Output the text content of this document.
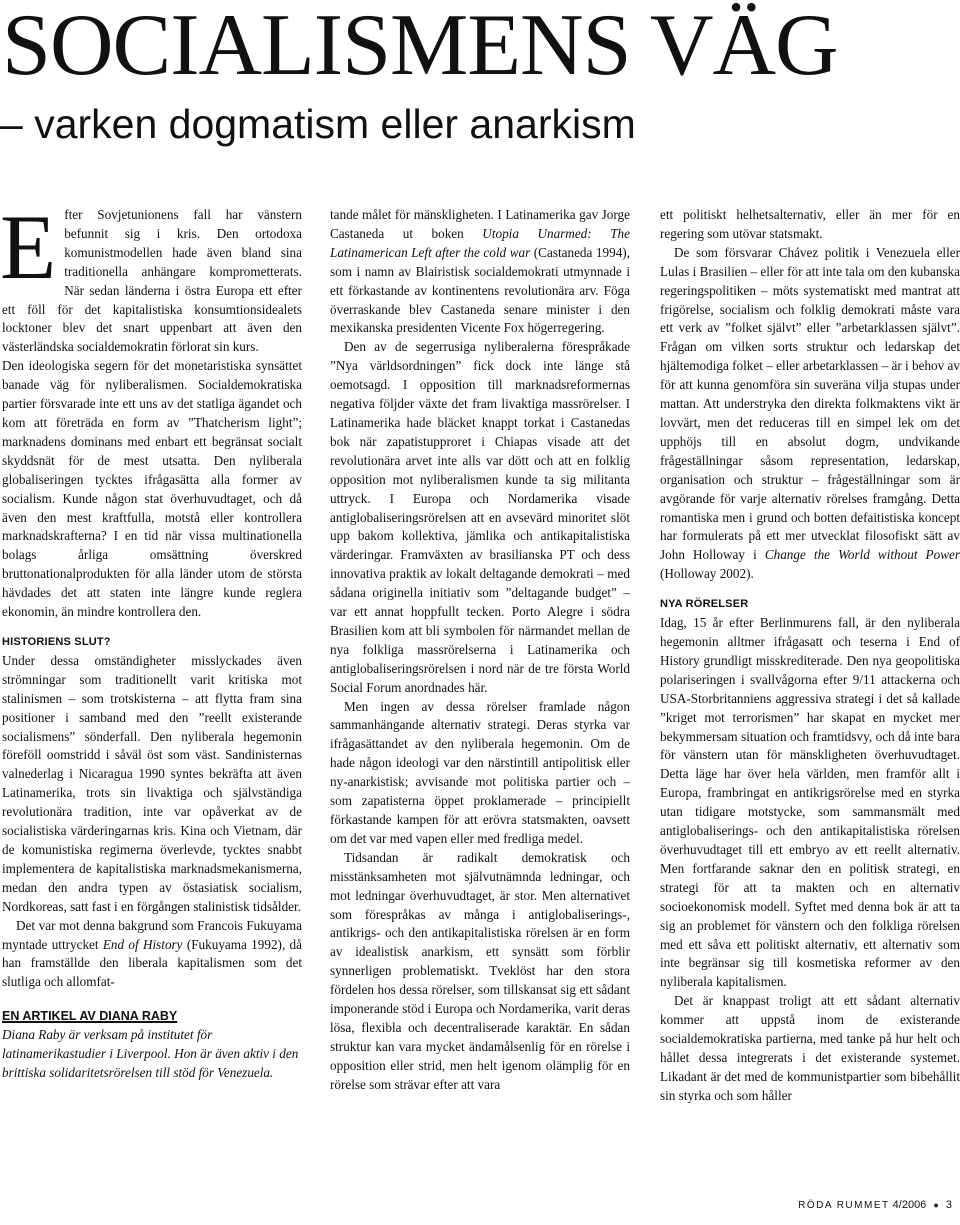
SOCIALISMENS VÄG
– varken dogmatism eller anarkism

Efter Sovjetunionens fall har vänstern befunnit sig i kris. Den ortodoxa komunistmodellen hade även bland sina traditionella anhängare komprometterats. När sedan länderna i östra Europa ett efter ett föll för det kapitalistiska konsumtionsidealets locktoner blev det snart uppenbart att även den västerländska socialdemokratin förlorat sin kurs.

Den ideologiska segern för det monetaristiska synsättet banade väg för nyliberalismen. Socialdemokratiska partier försvarade inte ett uns av det statliga ägandet och kom att företräda en form av ”Thatcherism light”; marknadens dominans med enbart ett begränsat socialt skyddsnät för de mest utsatta. Den nyliberala globaliseringen tycktes ifrågasätta alla former av socialism. Kunde någon stat överhuvudtaget, och då även den mest kraftfulla, motstå eller kontrollera marknadskrafterna? I en tid när vissa multinationella bolags årliga omsättning överskred bruttonationalprodukten för alla länder utom de största hävdades det att staten inte längre kunde reglera ekonomin, än mindre kontrollera den.

HISTORIENS SLUT?

Under dessa omständigheter misslyckades även strömningar som traditionellt varit kritiska mot stalinismen – som trotskisterna – att flytta fram sina positioner i samband med den ”reellt existerande socialismens” sönderfall. Den nyliberala hegemonin föreföll oomstridd i såväl öst som väst. Sandinisternas valnederlag i Nicaragua 1990 syntes bekräfta att även Latinamerika, trots sin livaktiga och självständiga revolutionära tradition, inte var opåverkat av de socialistiska värderingarnas kris. Kina och Vietnam, där de komunistiska regimerna överlevde, tycktes snabbt implementera de kapitalistiska marknadsmekanismerna, medan den andra typen av östasiatisk socialism, Nordkoreas, satt fast i en förgången stalinistisk tidsålder.

Det var mot denna bakgrund som Francois Fukuyama myntade uttrycket End of History (Fukuyama 1992), då han framställde den liberala kapitalismen som det slutliga och allomfat-

EN ARTIKEL AV DIANA RABY

Diana Raby är verksam på institutet för latinamerikastudier i Liverpool. Hon är även aktiv i den brittiska solidaritetsrörelsen till stöd för Venezuela.

tande målet för mänskligheten. I Latinamerika gav Jorge Castaneda ut boken Utopia Unarmed: The Latinamerican Left after the cold war (Castaneda 1994), som i namn av Blairistisk socialdemokrati utmynnade i ett förkastande av kontinentens revolutionära arv. Föga överraskande blev Castaneda senare minister i den mexikanska presidenten Vicente Fox högerregering.

Den av de segerrusiga nyliberalerna förespråkade ”Nya världsordningen” fick dock inte länge stå oemotsagd. I opposition till marknadsreformernas negativa följder växte det fram livaktiga massrörelser. I Latinamerika hade bläcket knappt torkat i Castanedas bok när zapatistupproret i Chiapas visade att det revolutionära arvet inte alls var dött och att en folklig opposition mot nyliberalismen kunde ta sig militanta uttryck. I Europa och Nordamerika visade antiglobaliseringsrörelsen att en avsevärd minoritet slöt upp bakom kollektiva, jämlika och antikapitalistiska värderingar. Framväxten av brasilianska PT och dess innovativa praktik av lokalt deltagande demokrati – med sådana originella initiativ som ”deltagande budget” – var ett annat hoppfullt tecken. Porto Alegre i södra Brasilien kom att bli symbolen för närmandet mellan de nya folkliga massrörelserna i Latinamerika och antiglobaliseringsrörelsen i nord när de tre första World Social Forum anordnades här.

Men ingen av dessa rörelser framlade någon sammanhängande alternativ strategi. Deras styrka var ifrågasättandet av den nyliberala hegemonin. Om de hade någon ideologi var den närstintill antipolitisk eller ny-anarkistisk; avvisande mot politiska partier och – som zapatisterna öppet proklamerade – principiellt förkastande kampen för att erövra statsmakten, oavsett om det var med vapen eller med fredliga medel.

Tidsandan är radikalt demokratisk och misstänksamheten mot självutnämnda ledningar, och mot ledningar överhuvudtaget, är stor. Men alternativet som förespråkas av många i antiglobaliserings-, antikrigs- och den antikapitalistiska rörelsen är en form av idealistisk anarkism, ett synsätt som förblir synnerligen problematiskt. Tveklöst har den stora fördelen hos dessa rörelser, som tillskansat sig ett sådant imponerande stöd i Europa och Nordamerika, varit deras lösa, flexibla och decentraliserade karaktär. En sådan struktur kan vara mycket ändamålsenlig för en rörelse i opposition eller strid, men helt igenom olämplig för en rörelse som strävar efter att vara

ett politiskt helhetsalternativ, eller än mer för en regering som utövar statsmakt.

De som försvarar Chávez politik i Venezuela eller Lulas i Brasilien – eller för att inte tala om den kubanska regeringspolitiken – möts systematiskt med mantrat att frigörelse, socialism och folklig demokrati måste vara ett verk av ”folket självt” eller ”arbetarklassen självt”. Frågan om vilken sorts struktur och ledarskap det hjältemodiga folket – eller arbetarklassen – är i behov av för att kunna genomföra sin suveräna vilja stupas under mattan. Att understryka den direkta folkmaktens vikt är lovvärt, men det reduceras till en simpel lek om det upphöjs till en absolut dogm, undvikande frågeställningar såsom representation, ledarskap, organisation och struktur – frågeställningar som är avgörande för varje alternativ rörelses framgång. Detta romantiska men i grund och botten defaitistiska koncept har formulerats på ett mer utvecklat filosofiskt sätt av John Holloway i Change the World without Power (Holloway 2002).

NYA RÖRELSER

Idag, 15 år efter Berlinmurens fall, är den nyliberala hegemonin alltmer ifrågasatt och teserna i End of History grundligt misskrediterade. Den nya geopolitiska polariseringen i svallvågorna efter 9/11 attackerna och USA-Storbritanniens aggressiva strategi i det så kallade ”kriget mot terrorismen” har skapat en mycket mer bekymmersam situation och framtidsvy, och då inte bara för vänstern utan för mänskligheten överhuvudtaget. Detta läge har över hela världen, men framför allt i Europa, frambringat en antikrigsrörelse med en styrka utan tidigare motstycke, som sammansmält med antiglobaliserings- och den antikapitalistiska rörelsen överhuvudtaget till ett embryo av ett reellt alternativ. Men fortfarande saknar den en politisk strategi, en strategi för att ta makten och en alternativ socioekonomisk modell. Syftet med denna bok är att ta sig an problemet för vänstern och den folkliga rörelsen med ett såva ett politiskt alternativ, ett alternativ som inte begränsar sig till kosmetiska reformer av den nyliberala kapitalismen.

Det är knappast troligt att ett sådant alternativ kommer att uppstå inom de existerande socialdemokratiska partierna, med tanke på hur helt och hållet dessa integrerats i det existerande systemet. Likadant är det med de kommunistpartier som bibehållit sin styrka och som håller

RÖDA RUMMET 4/2006 ● 3
